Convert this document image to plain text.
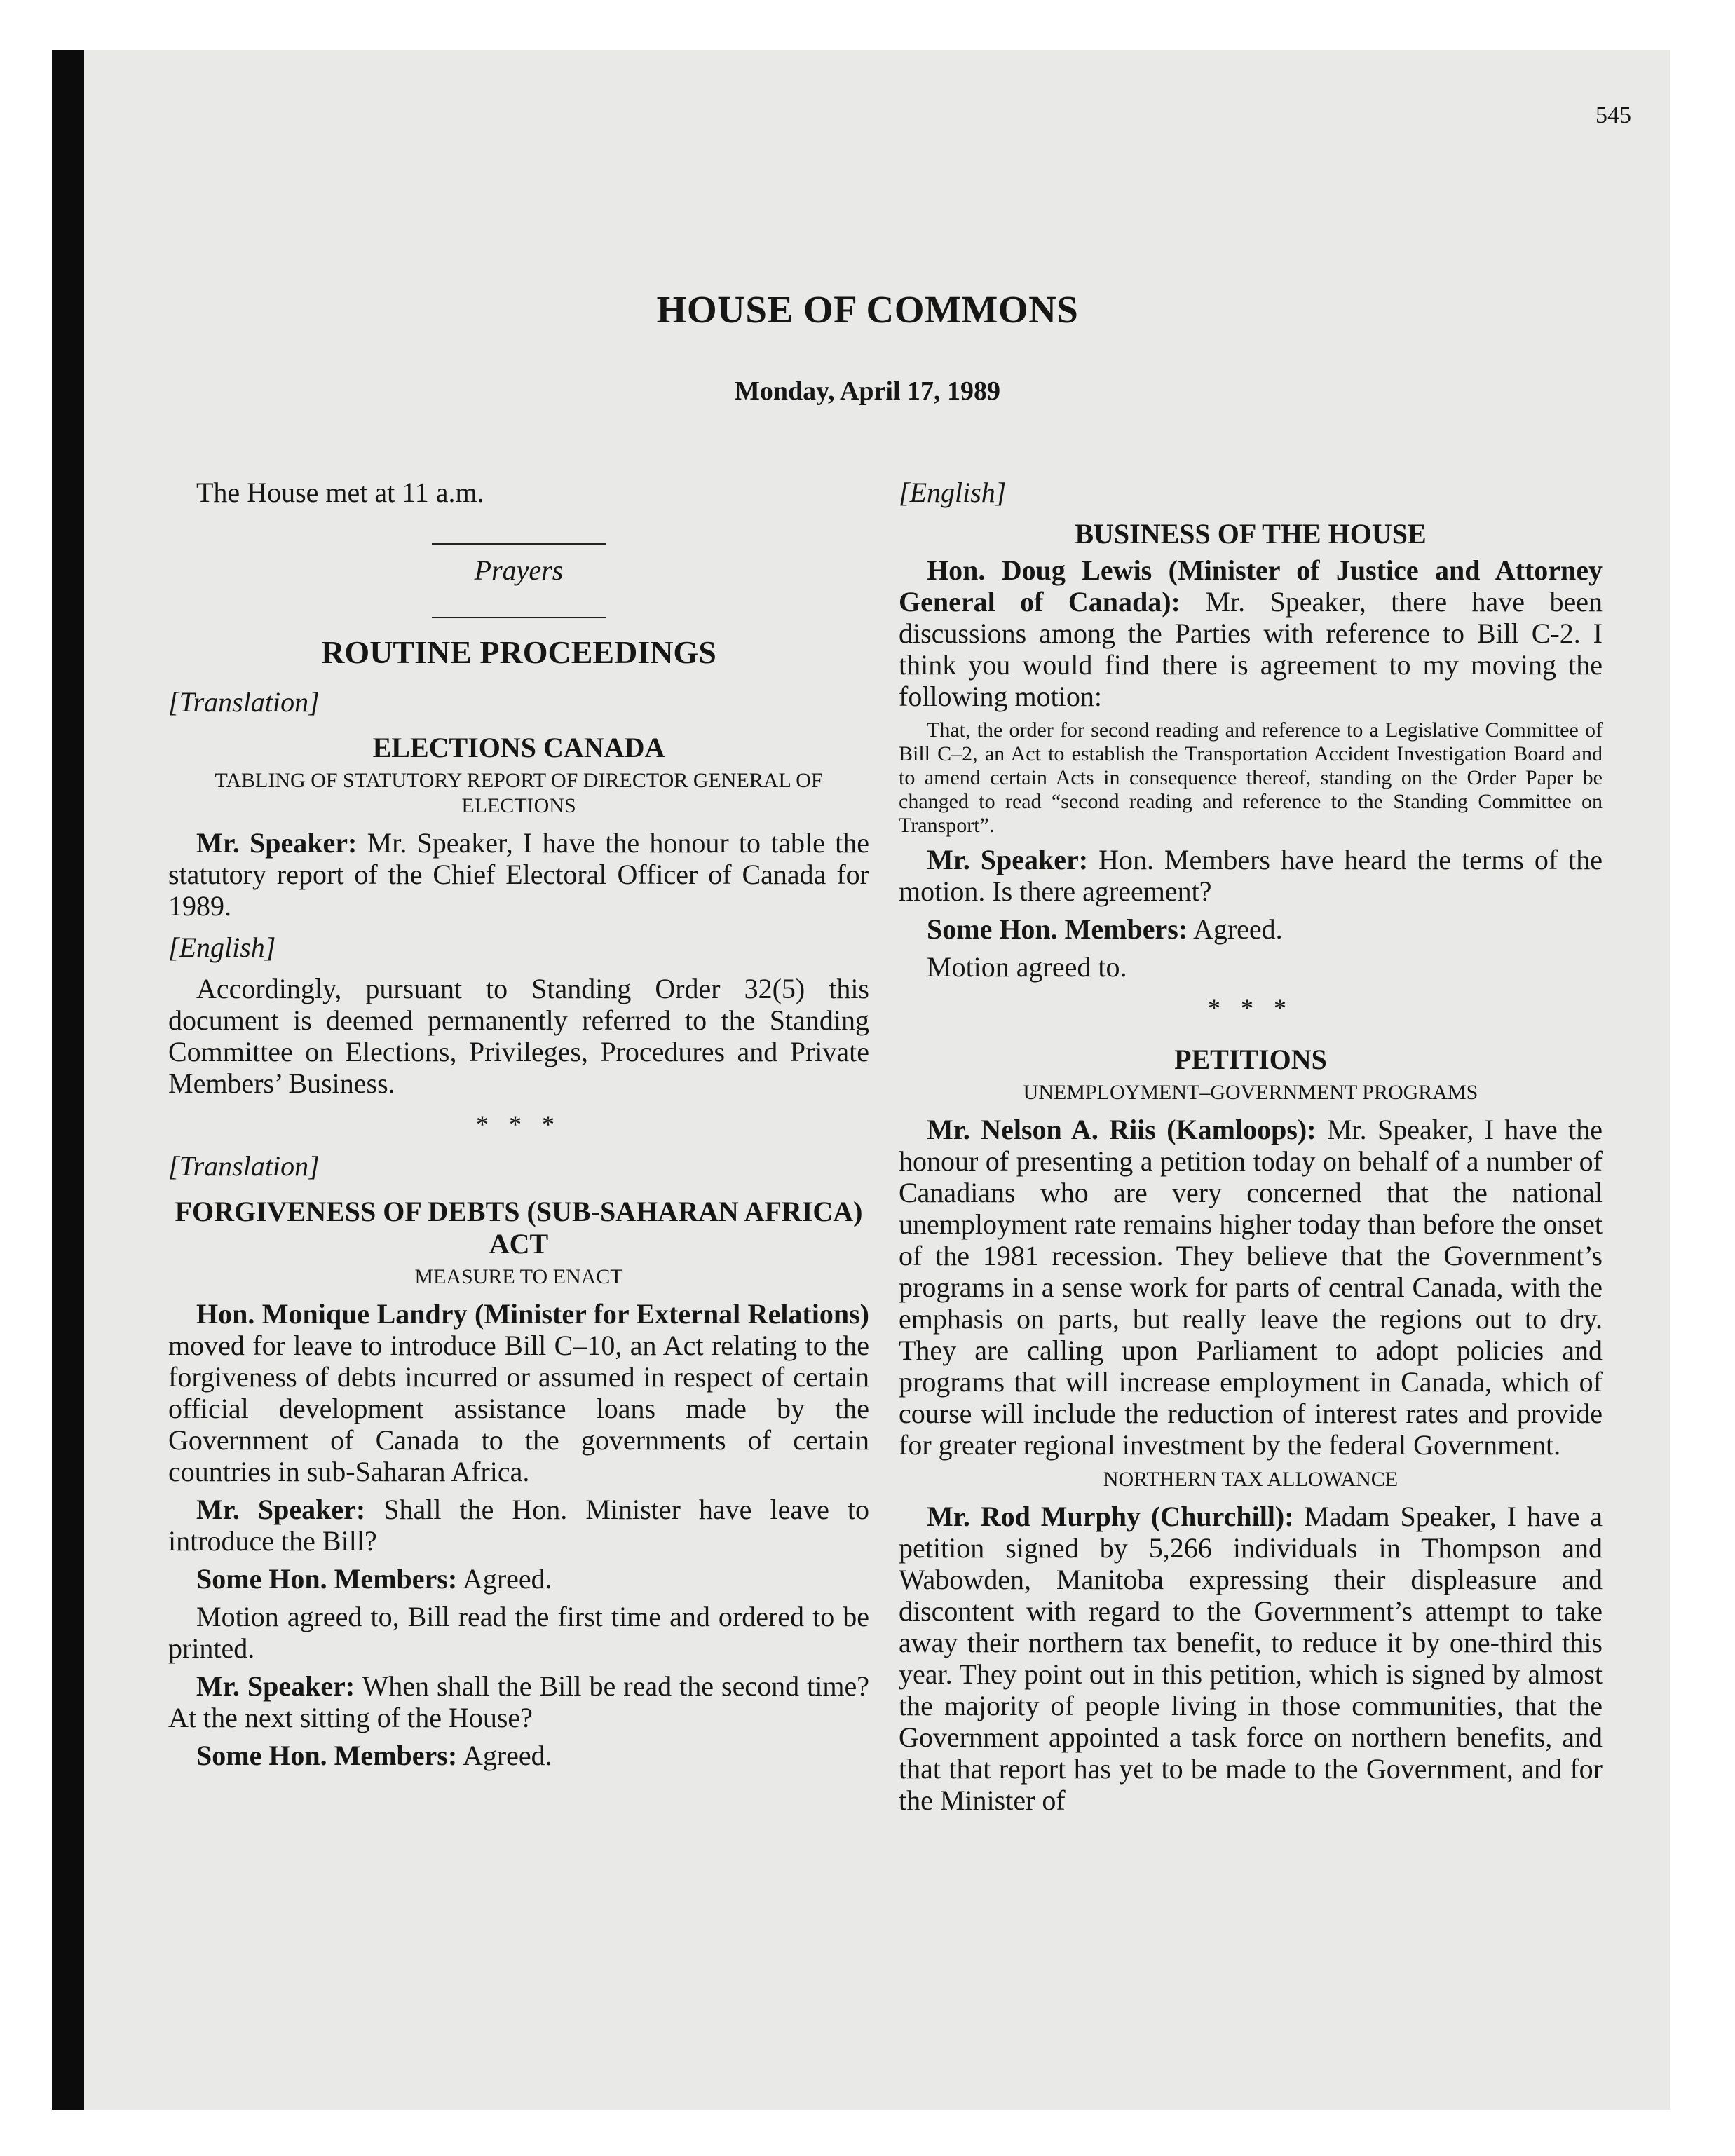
545
HOUSE OF COMMONS
Monday, April 17, 1989

The House met at 11 a.m.

Prayers
ROUTINE PROCEEDINGS
[Translation]
ELECTIONS CANADA
TABLING OF STATUTORY REPORT OF DIRECTOR GENERAL OF ELECTIONS

Mr. Speaker: Mr. Speaker, I have the honour to table the statutory report of the Chief Electoral Officer of Canada for 1989.

[English]

Accordingly, pursuant to Standing Order 32(5) this document is deemed permanently referred to the Standing Committee on Elections, Privileges, Procedures and Private Members’ Business.

* * *
[Translation]
FORGIVENESS OF DEBTS (SUB-SAHARAN AFRICA) ACT
MEASURE TO ENACT

Hon. Monique Landry (Minister for External Relations) moved for leave to introduce Bill C–10, an Act relating to the forgiveness of debts incurred or assumed in respect of certain official development assistance loans made by the Government of Canada to the governments of certain countries in sub-Saharan Africa.

Mr. Speaker: Shall the Hon. Minister have leave to introduce the Bill?

Some Hon. Members: Agreed.

Motion agreed to, Bill read the first time and ordered to be printed.

Mr. Speaker: When shall the Bill be read the second time? At the next sitting of the House?

Some Hon. Members: Agreed.

[English]
BUSINESS OF THE HOUSE

Hon. Doug Lewis (Minister of Justice and Attorney General of Canada): Mr. Speaker, there have been discussions among the Parties with reference to Bill C-2. I think you would find there is agreement to my moving the following motion:

That, the order for second reading and reference to a Legislative Committee of Bill C–2, an Act to establish the Transportation Accident Investigation Board and to amend certain Acts in consequence thereof, standing on the Order Paper be changed to read “second reading and reference to the Standing Committee on Transport”.

Mr. Speaker: Hon. Members have heard the terms of the motion. Is there agreement?

Some Hon. Members: Agreed.

Motion agreed to.

* * *
PETITIONS
UNEMPLOYMENT–GOVERNMENT PROGRAMS

Mr. Nelson A. Riis (Kamloops): Mr. Speaker, I have the honour of presenting a petition today on behalf of a number of Canadians who are very concerned that the national unemployment rate remains higher today than before the onset of the 1981 recession. They believe that the Government’s programs in a sense work for parts of central Canada, with the emphasis on parts, but really leave the regions out to dry. They are calling upon Parliament to adopt policies and programs that will increase employment in Canada, which of course will include the reduction of interest rates and provide for greater regional investment by the federal Government.

NORTHERN TAX ALLOWANCE

Mr. Rod Murphy (Churchill): Madam Speaker, I have a petition signed by 5,266 individuals in Thompson and Wabowden, Manitoba expressing their displeasure and discontent with regard to the Government’s attempt to take away their northern tax benefit, to reduce it by one-third this year. They point out in this petition, which is signed by almost the majority of people living in those communities, that the Government appointed a task force on northern benefits, and that that report has yet to be made to the Government, and for the Minister of
